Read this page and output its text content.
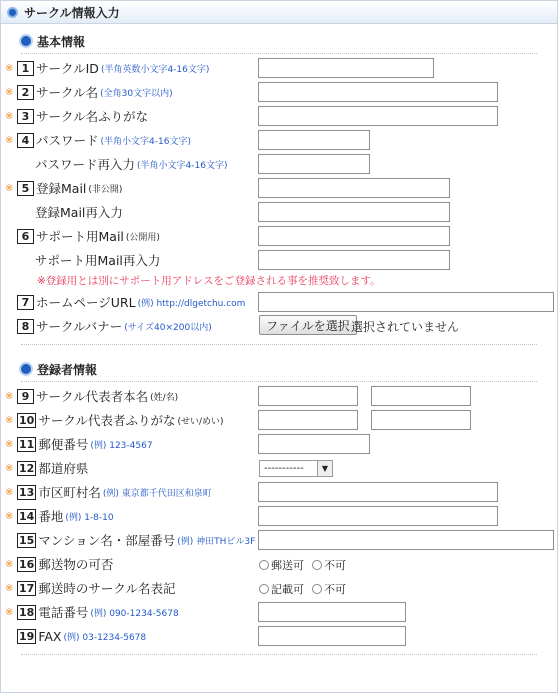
サークル情報入力
基本情報
※ 1 サークルID (半角英数小文字4-16文字)
※ 2 サークル名 (全角30文字以内)
※ 3 サークル名ふりがな
※ 4 パスワード (半角小文字4-16文字)
パスワード再入力 (半角小文字4-16文字)
※ 5 登録Mail (非公開)
登録Mail再入力
6 サポート用Mail (公開用)
サポート用Mail再入力
※登録用とは別にサポート用アドレスをご登録される事を推奨致します。
7 ホームページURL (例) http://dlgetchu.com
8 サークルバナー (サイズ40×200以内)	ファイルを選択 選択されていません
登録者情報
※ 9 サークル代表者本名 (姓/名)
※ 10 サークル代表者ふりがな (せい/めい)
※ 11 郵便番号 (例) 123-4567
※ 12 都道府県	-----------	▼
※ 13 市区町村名 (例) 東京都千代田区和泉町
※ 14 番地 (例) 1-8-10
15 マンション名・部屋番号 (例) 神田THビル3F
※ 16 郵送物の可否	郵送可 不可
※ 17 郵送時のサークル名表記	記載可 不可
※ 18 電話番号 (例) 090-1234-5678
19 FAX (例) 03-1234-5678
